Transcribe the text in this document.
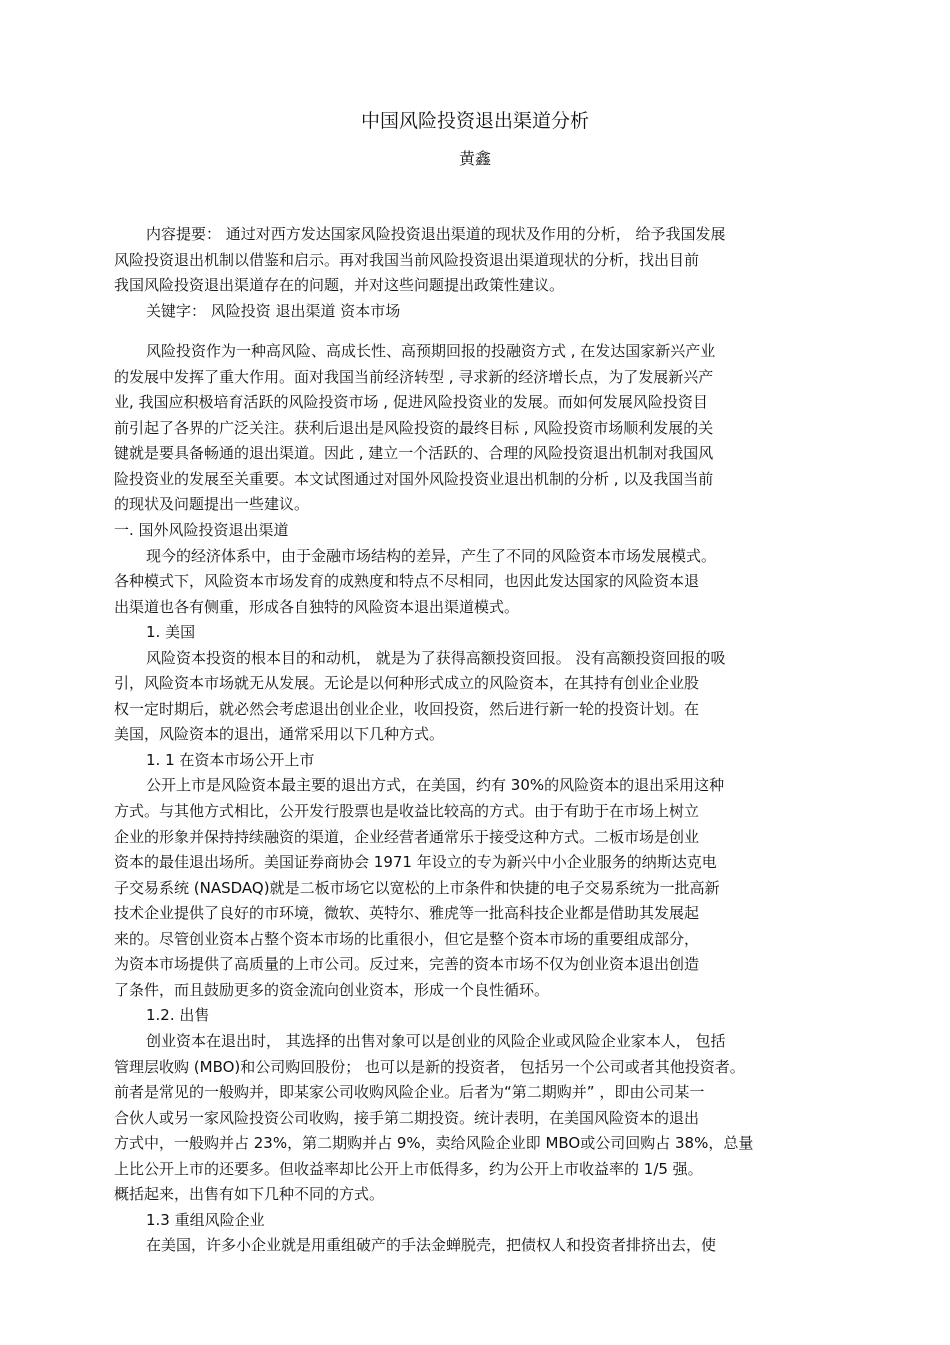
中国风险投资退出渠道分析
黄鑫
内容提要： 通过对西方发达国家风险投资退出渠道的现状及作用的分析， 给予我国发展
风险投资退出机制以借鉴和启示。再对我国当前风险投资退出渠道现状的分析，找出目前
我国风险投资退出渠道存在的问题，并对这些问题提出政策性建议。
关键字： 风险投资 退出渠道 资本市场
风险投资作为一种高风险、高成长性、高预期回报的投融资方式 , 在发达国家新兴产业
的发展中发挥了重大作用。面对我国当前经济转型 , 寻求新的经济增长点，为了发展新兴产
业, 我国应积极培育活跃的风险投资市场 , 促进风险投资业的发展。而如何发展风险投资目
前引起了各界的广泛关注。获利后退出是风险投资的最终目标 , 风险投资市场顺利发展的关
键就是要具备畅通的退出渠道。因此 , 建立一个活跃的、合理的风险投资退出机制对我国风
险投资业的发展至关重要。本文试图通过对国外风险投资业退出机制的分析 , 以及我国当前
的现状及问题提出一些建议。
一. 国外风险投资退出渠道
现今的经济体系中，由于金融市场结构的差异，产生了不同的风险资本市场发展模式。
各种模式下，风险资本市场发育的成熟度和特点不尽相同，也因此发达国家的风险资本退
出渠道也各有侧重，形成各自独特的风险资本退出渠道模式。
1. 美国
风险资本投资的根本目的和动机， 就是为了获得高额投资回报。 没有高额投资回报的吸
引，风险资本市场就无从发展。无论是以何种形式成立的风险资本，在其持有创业企业股
权一定时期后，就必然会考虑退出创业企业，收回投资，然后进行新一轮的投资计划。在
美国，风险资本的退出，通常采用以下几种方式。
1. 1 在资本市场公开上市
公开上市是风险资本最主要的退出方式，在美国，约有 30%的风险资本的退出采用这种
方式。与其他方式相比，公开发行股票也是收益比较高的方式。由于有助于在市场上树立
企业的形象并保持持续融资的渠道，企业经营者通常乐于接受这种方式。二板市场是创业
资本的最佳退出场所。美国证券商协会 1971 年设立的专为新兴中小企业服务的纳斯达克电
子交易系统 (NASDAQ)就是二板市场它以宽松的上市条件和快捷的电子交易系统为一批高新
技术企业提供了良好的市环境，微软、英特尔、雅虎等一批高科技企业都是借助其发展起
来的。尽管创业资本占整个资本市场的比重很小，但它是整个资本市场的重要组成部分，
为资本市场提供了高质量的上市公司。反过来，完善的资本市场不仅为创业资本退出创造
了条件，而且鼓励更多的资金流向创业资本，形成一个良性循环。
1.2. 出售
创业资本在退出时， 其选择的出售对象可以是创业的风险企业或风险企业家本人， 包括
管理层收购 (MBO)和公司购回股份； 也可以是新的投资者， 包括另一个公司或者其他投资者。
前者是常见的一般购并，即某家公司收购风险企业。后者为“第二期购并” ，即由公司某一
合伙人或另一家风险投资公司收购，接手第二期投资。统计表明，在美国风险资本的退出
方式中，一般购并占 23%，第二期购并占 9%，卖给风险企业即 MBO或公司回购占 38%，总量
上比公开上市的还要多。但收益率却比公开上市低得多，约为公开上市收益率的 1/5 强。
概括起来，出售有如下几种不同的方式。
1.3 重组风险企业
在美国，许多小企业就是用重组破产的手法金蝉脱壳，把债权人和投资者排挤出去，使
